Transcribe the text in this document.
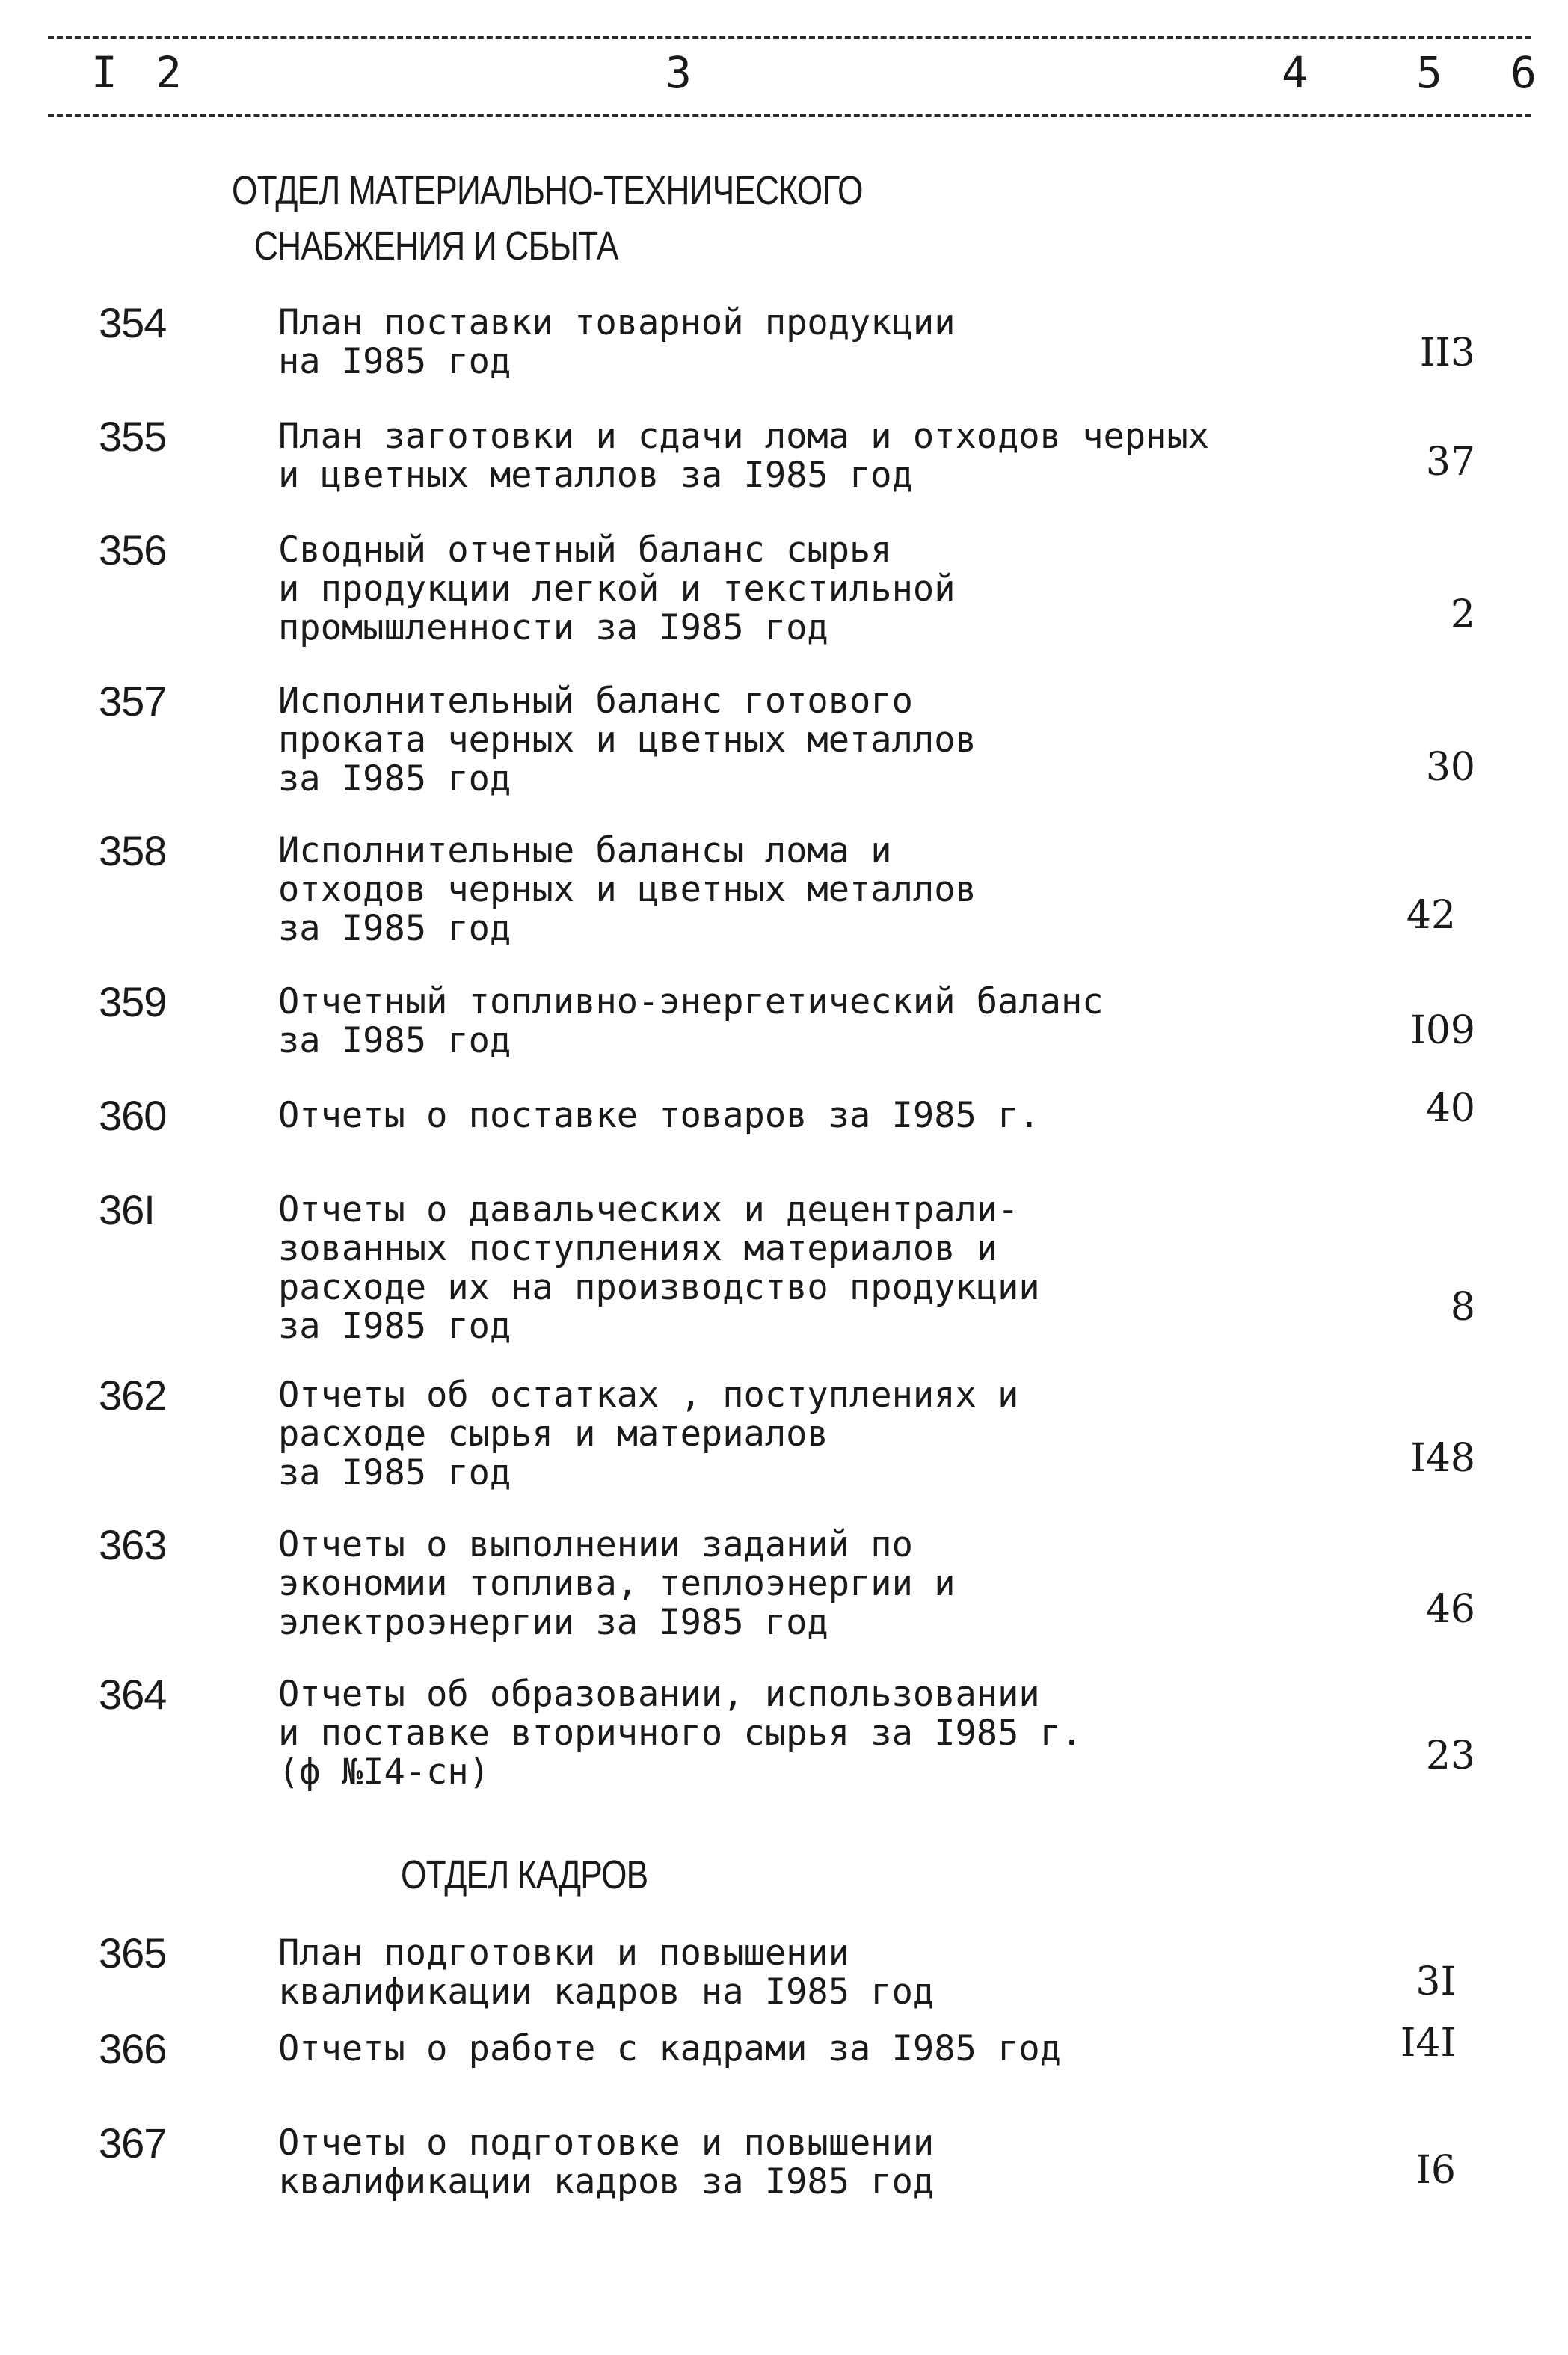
I 2	3	4	5 6
ОТДЕЛ МАТЕРИАЛЬНО-ТЕХНИЧЕСКОГО
СНАБЖЕНИЯ И СБЫТА
354	План поставки товарной продукции
на I985 год	II3
355	План заготовки и сдачи лома и отходов черных
и цветных металлов за I985 год	37
356	Сводный отчетный баланс сырья
и продукции легкой и текстильной
промышленности за I985 год	2
357	Исполнительный баланс готового
проката черных и цветных металлов
за I985 год	30
358	Исполнительные балансы лома и
отходов черных и цветных металлов
за I985 год	42
359	Отчетный топливно-энергетический баланс
за I985 год	I09
360	Отчеты о поставке товаров за I985 г.	40
36I	Отчеты о давальческих и децентрали-
зованных поступлениях материалов и
расходе их на производство продукции
за I985 год	8
362	Отчеты об остатках , поступлениях и
расходе сырья и материалов
за I985 год	I48
363	Отчеты о выполнении заданий по
экономии топлива, теплоэнергии и
электроэнергии за I985 год	46
364	Отчеты об образовании, использовании
и поставке вторичного сырья за I985 г.
(ф №I4-сн)	23
ОТДЕЛ КАДРОВ
365	План подготовки и повышении
квалификации кадров на I985 год	3I
366	Отчеты о работе с кадрами за I985 год	I4I
367	Отчеты о подготовке и повышении
квалификации кадров за I985 год	I6
